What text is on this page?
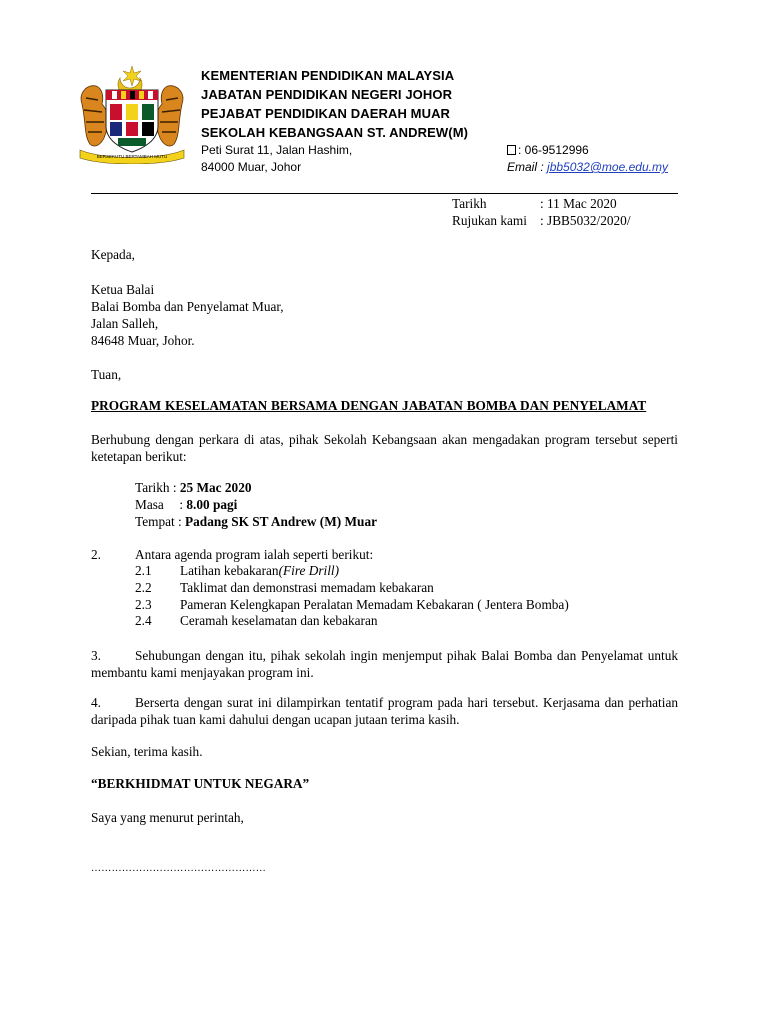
BERSEKUTU BERTAMBAH MUTU
KEMENTERIAN PENDIDIKAN MALAYSIA
JABATAN PENDIDIKAN NEGERI JOHOR
PEJABAT PENDIDIKAN DAERAH MUAR
SEKOLAH KEBANGSAAN ST. ANDREW(M)
Peti Surat 11, Jalan Hashim,
84000 Muar, Johor
: 06-9512996
Email : jbb5032@moe.edu.my
Tarikh	: 11 Mac 2020
Rujukan kami : JBB5032/2020/
Kepada,
Ketua Balai
Balai Bomba dan Penyelamat Muar,
Jalan Salleh,
84648 Muar, Johor.
Tuan,
PROGRAM KESELAMATAN BERSAMA DENGAN JABATAN BOMBA DAN PENYELAMAT
Berhubung dengan perkara di atas, pihak Sekolah Kebangsaan akan mengadakan program tersebut seperti ketetapan berikut:
Tarikh : 25 Mac 2020
Masa : 8.00 pagi
Tempat : Padang SK ST Andrew (M) Muar
2.	Antara agenda program ialah seperti berikut:
2.1 Latihan kebakaran(Fire Drill)
2.2 Taklimat dan demonstrasi memadam kebakaran
2.3 Pameran Kelengkapan Peralatan Memadam Kebakaran ( Jentera Bomba)
2.4 Ceramah keselamatan dan kebakaran
3.	Sehubungan dengan itu, pihak sekolah ingin menjemput pihak Balai Bomba dan Penyelamat untuk membantu kami menjayakan program ini.
4.	Berserta dengan surat ini dilampirkan tentatif program pada hari tersebut. Kerjasama dan perhatian daripada pihak tuan kami dahului dengan ucapan jutaan terima kasih.
Sekian, terima kasih.
“BERKHIDMAT UNTUK NEGARA”
Saya yang menurut perintah,
……………………………………………
